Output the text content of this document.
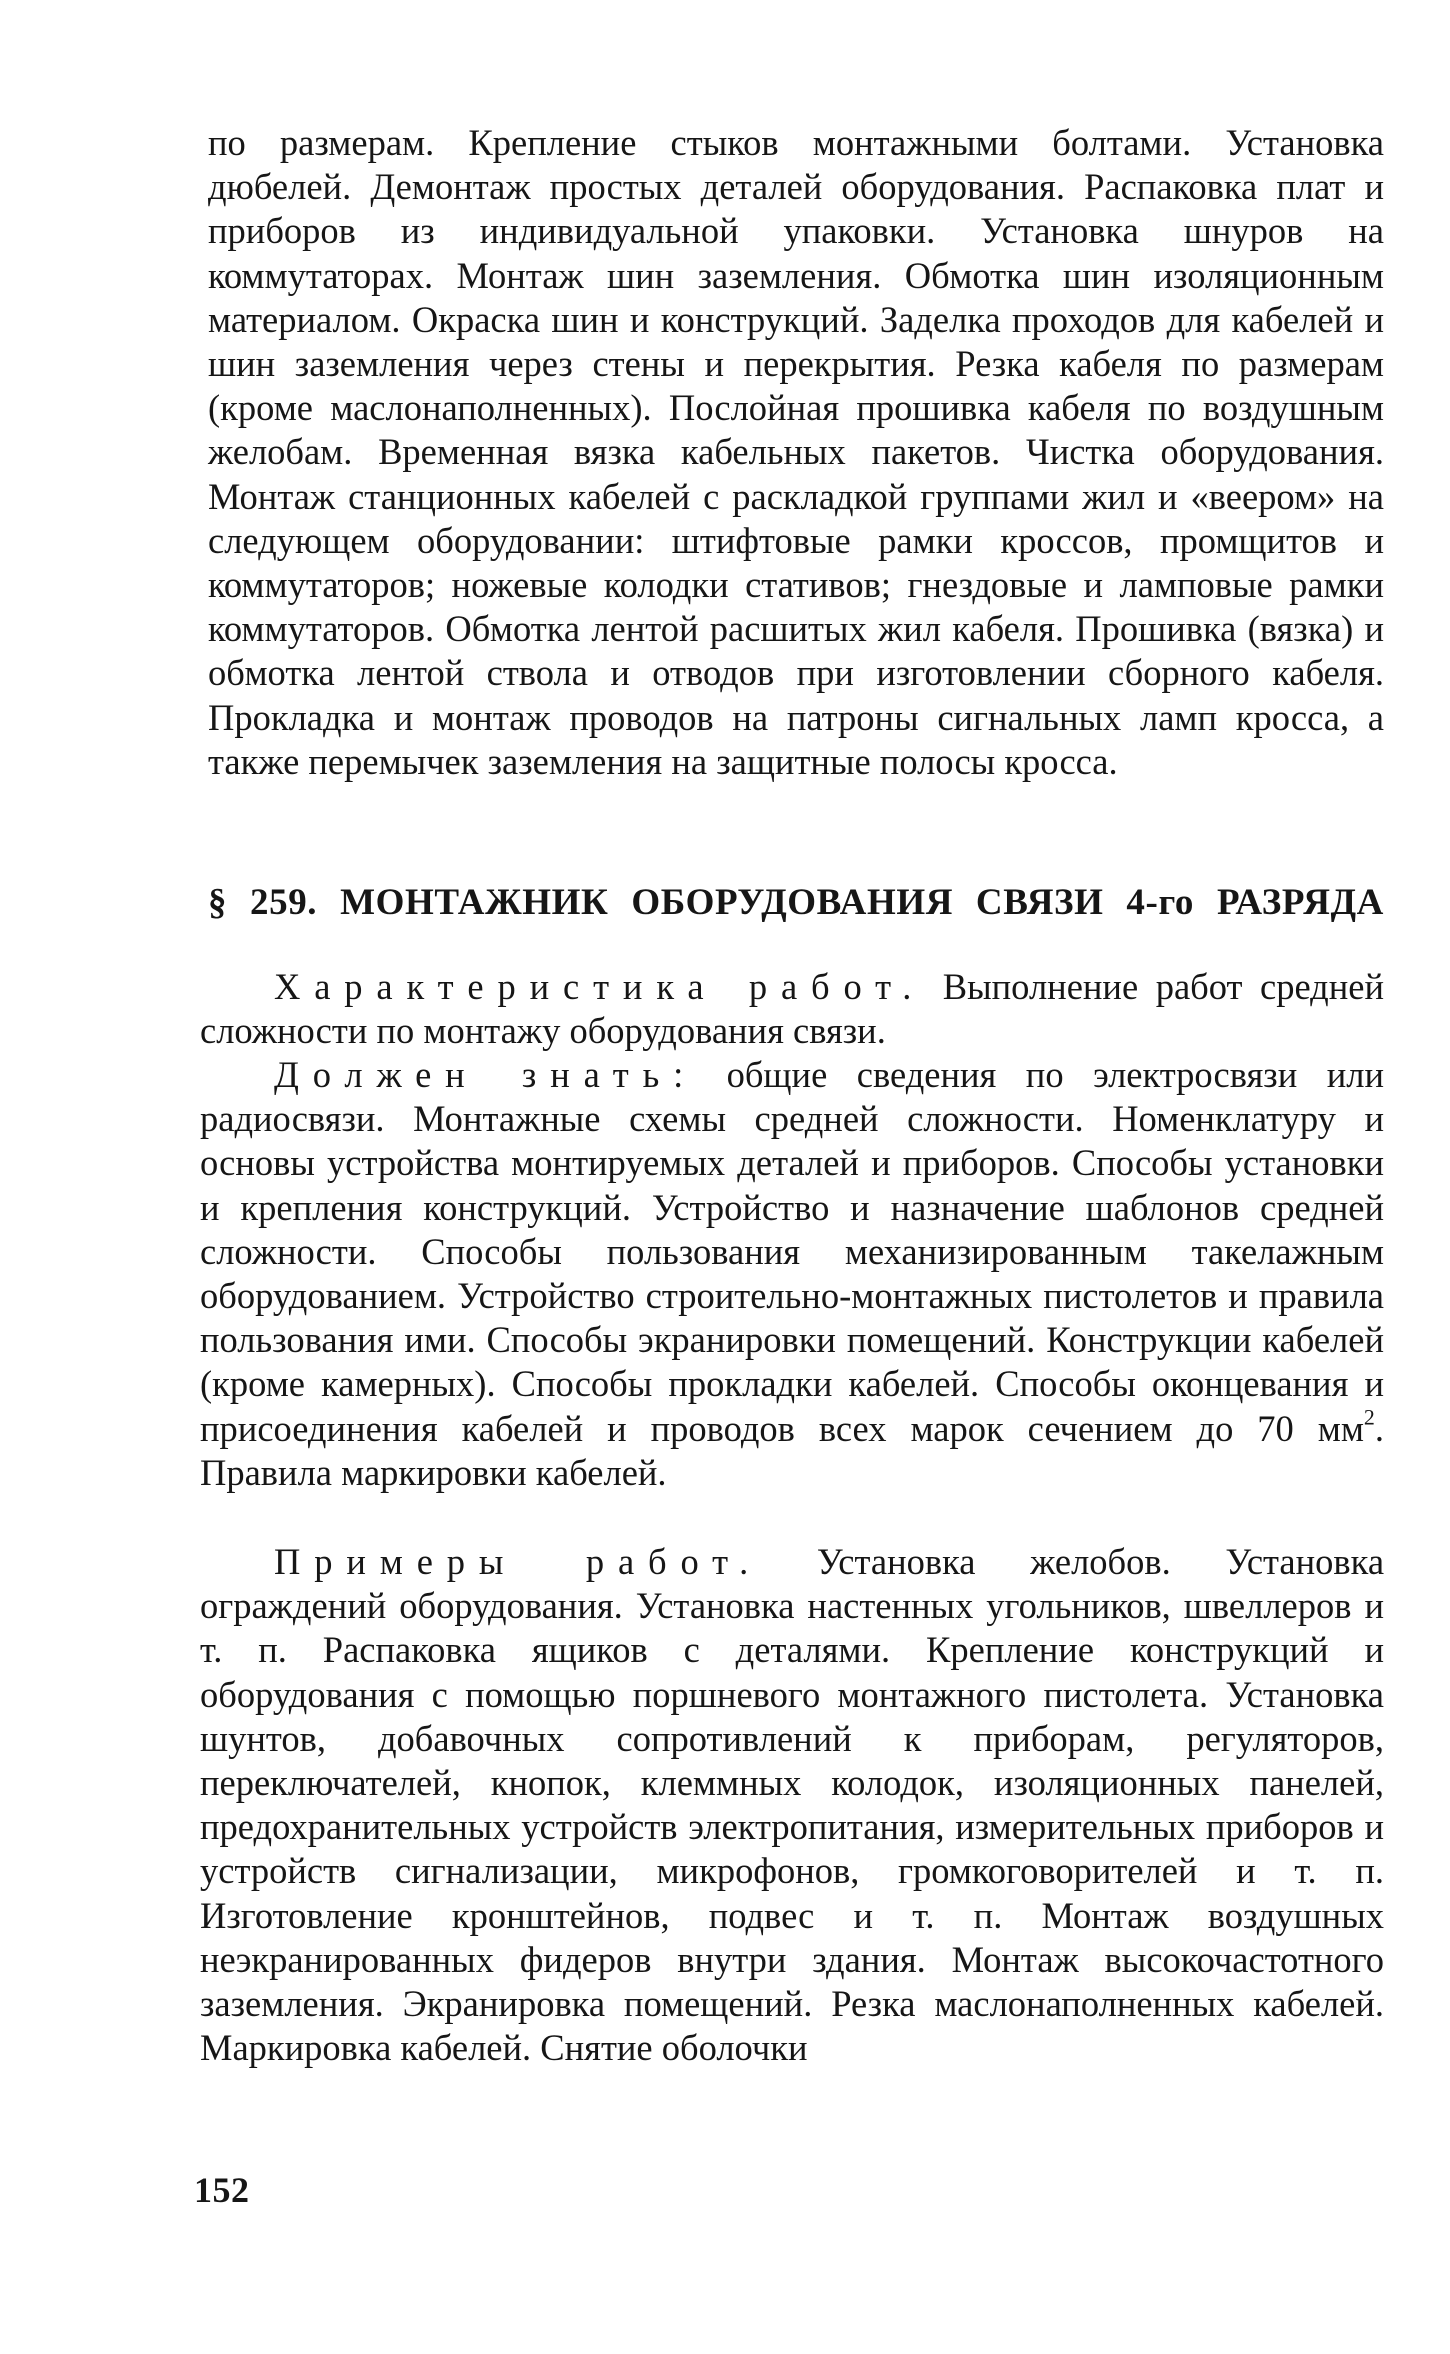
по размерам. Крепление стыков монтажными болтами. Установка дюбелей. Демонтаж простых деталей оборудования. Распаковка плат и приборов из индивидуальной упаковки. Установка шнуров на коммутаторах. Монтаж шин заземления. Обмотка шин изоляционным материалом. Окраска шин и конструкций. Заделка проходов для кабелей и шин заземления через стены и перекрытия. Резка кабеля по размерам (кроме маслонаполненных). Послойная прошивка кабеля по воздушным желобам. Временная вязка кабельных пакетов. Чистка оборудования. Монтаж станционных кабелей с раскладкой группами жил и «веером» на следующем оборудовании: штифтовые рамки кроссов, промщитов и коммутаторов; ножевые колодки стативов; гнездовые и ламповые рамки коммутаторов. Обмотка лентой расшитых жил кабеля. Прошивка (вязка) и обмотка лентой ствола и отводов при изготовлении сборного кабеля. Прокладка и монтаж проводов на патроны сигнальных ламп кросса, а также перемычек заземления на защитные полосы кросса.

§ 259. МОНТАЖНИК ОБОРУДОВАНИЯ СВЯЗИ 4-го РАЗРЯДА

Характеристика работ. Выполнение работ средней сложности по монтажу оборудования связи.

Должен знать: общие сведения по электросвязи или радиосвязи. Монтажные схемы средней сложности. Номенклатуру и основы устройства монтируемых деталей и приборов. Способы установки и крепления конструкций. Устройство и назначение шаблонов средней сложности. Способы пользования механизированным такелажным оборудованием. Устройство строительно-монтажных пистолетов и правила пользования ими. Способы экранировки помещений. Конструкции кабелей (кроме камерных). Способы прокладки кабелей. Способы оконцевания и присоединения кабелей и проводов всех марок сечением до 70 $мм^2$. Правила маркировки кабелей.

Примеры работ. Установка желобов. Установка ограждений оборудования. Установка настенных угольников, швеллеров и т. п. Распаковка ящиков с деталями. Крепление конструкций и оборудования с помощью поршневого монтажного пистолета. Установка шунтов, добавочных сопротивлений к приборам, регуляторов, переключателей, кнопок, клеммных колодок, изоляционных панелей, предохранительных устройств электропитания, измерительных приборов и устройств сигнализации, микрофонов, громкоговорителей и т. п. Изготовление кронштейнов, подвес и т. п. Монтаж воздушных неэкранированных фидеров внутри здания. Монтаж высокочастотного заземления. Экранировка помещений. Резка маслонаполненных кабелей. Маркировка кабелей. Снятие оболочки

152
